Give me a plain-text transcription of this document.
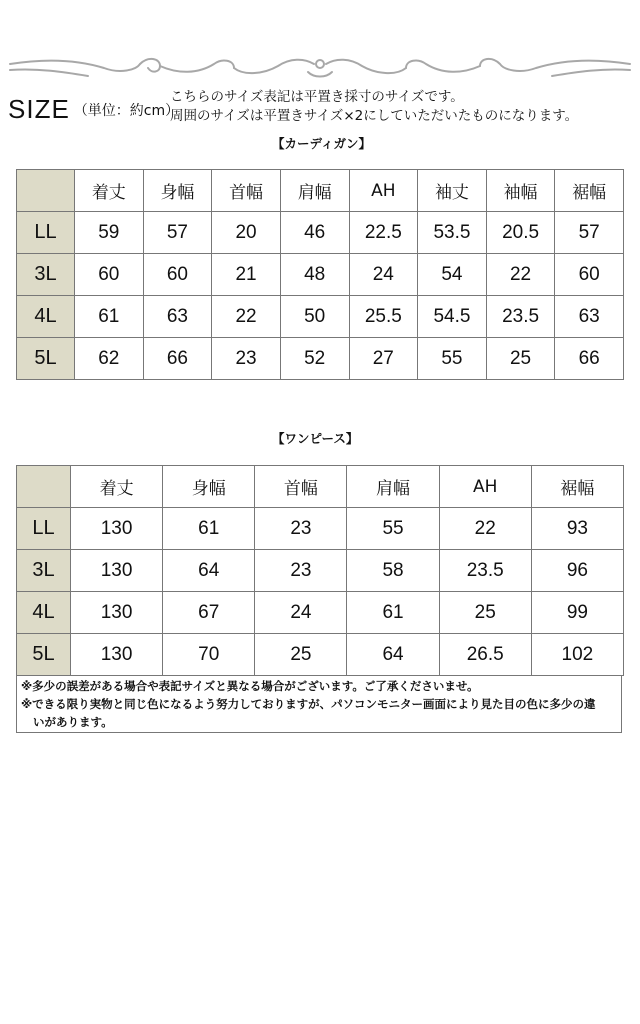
SIZE （単位：約cm）
こちらのサイズ表記は平置き採寸のサイズです。
周囲のサイズは平置きサイズ×2にしていただいたものになります。
【カーディガン】
	着丈	身幅	首幅	肩幅	AH	袖丈	袖幅	裾幅
LL	59	57	20	46	22.5	53.5	20.5	57
3L	60	60	21	48	24	54	22	60
4L	61	63	22	50	25.5	54.5	23.5	63
5L	62	66	23	52	27	55	25	66
【ワンピース】
	着丈	身幅	首幅	肩幅	AH	裾幅
LL	130	61	23	55	22	93
3L	130	64	23	58	23.5	96
4L	130	67	24	61	25	99
5L	130	70	25	64	26.5	102

※多少の誤差がある場合や表記サイズと異なる場合がございます。ご了承くださいませ。

※できる限り実物と同じ色になるよう努力しておりますが、パソコンモニター画面により見た目の色に多少の違

いがあります。
